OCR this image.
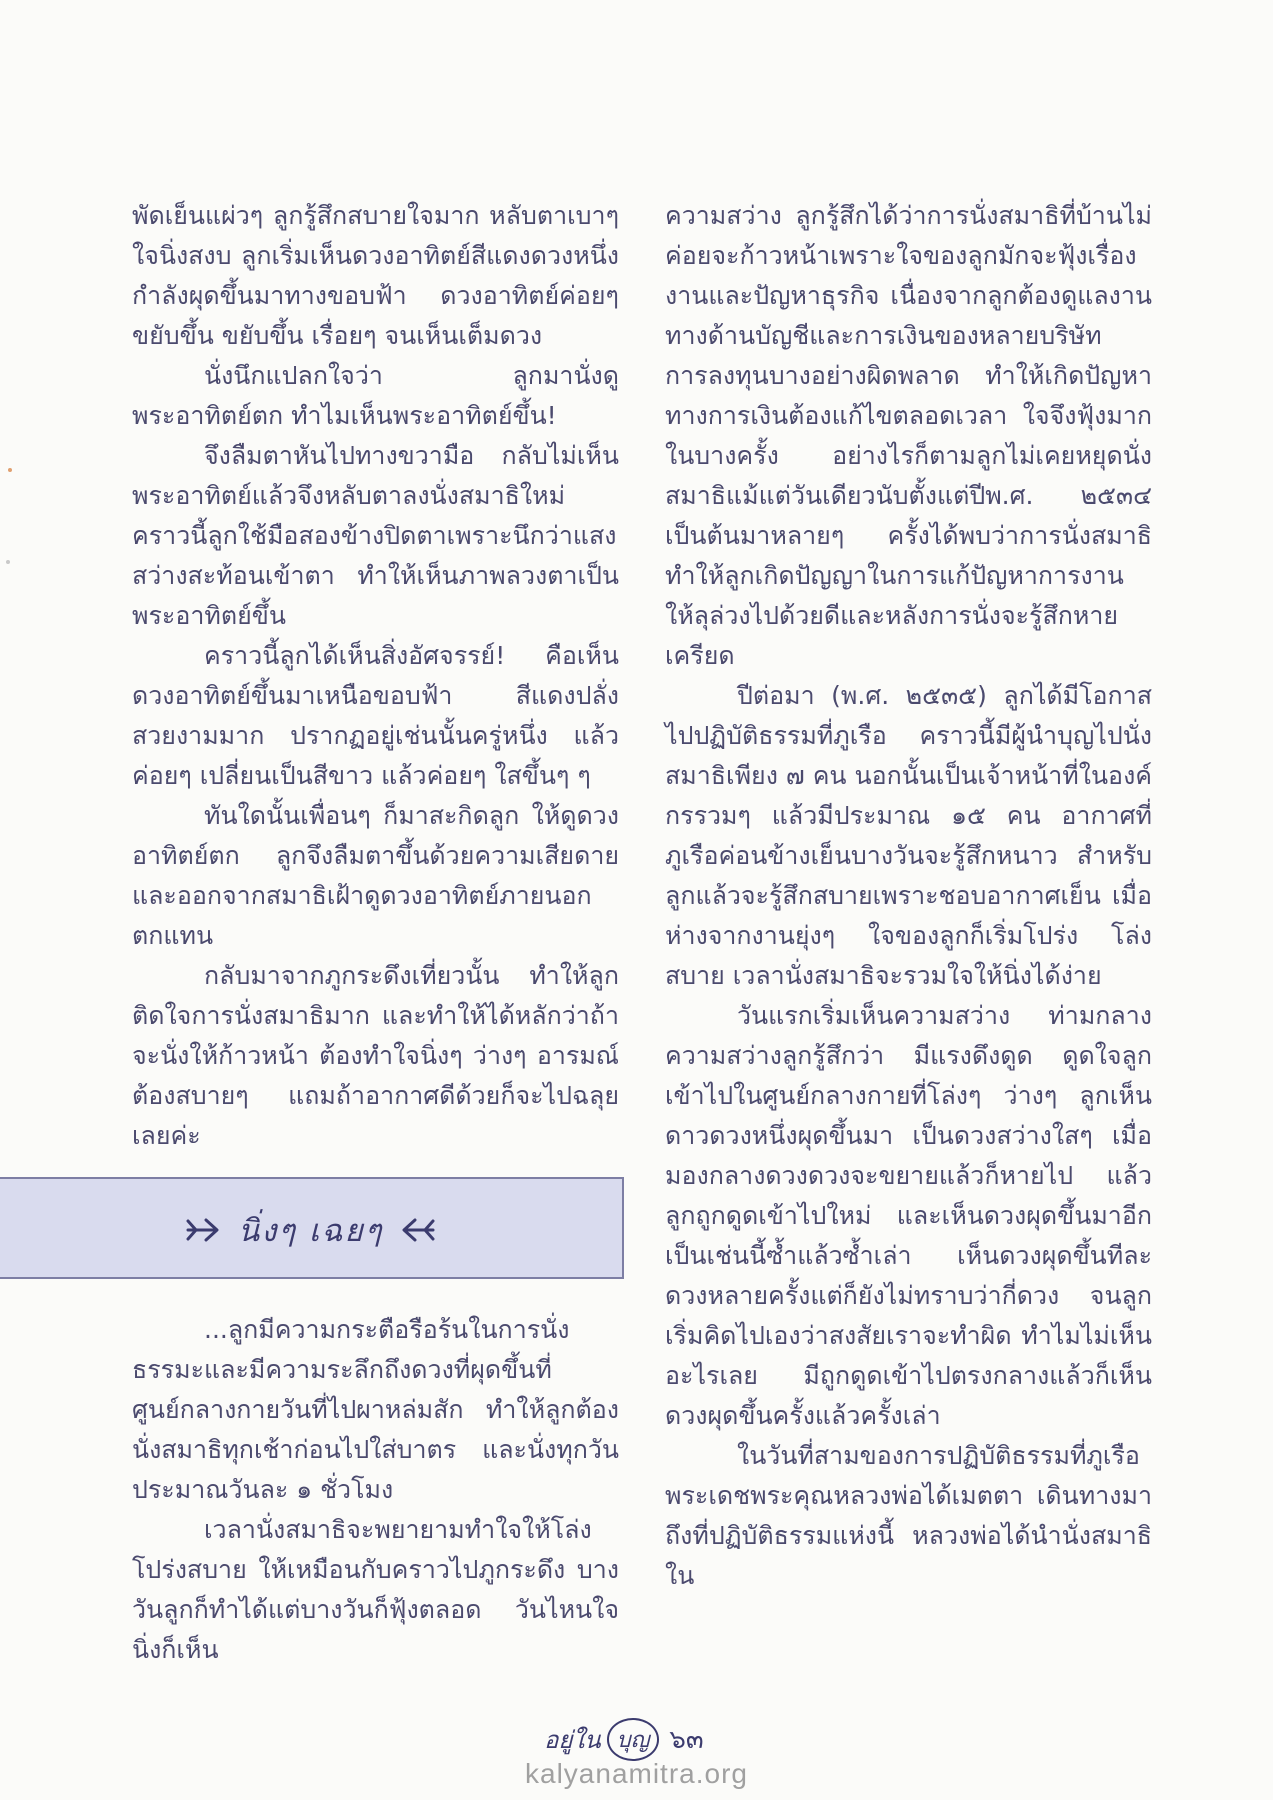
พัดเย็นแผ่วๆ ลูกรู้สึกสบายใจมาก หลับตาเบาๆ ใจนิ่งสงบ ลูกเริ่มเห็นดวงอาทิตย์สีแดงดวงหนึ่งกำลังผุดขึ้นมาทางขอบฟ้า ดวงอาทิตย์ค่อยๆ ขยับขึ้น ขยับขึ้น เรื่อยๆ จนเห็นเต็มดวง

นั่งนึกแปลกใจว่า ลูกมานั่งดู พระอาทิตย์ตก ทำไมเห็นพระอาทิตย์ขึ้น!

จึงลืมตาหันไปทางขวามือ กลับไม่เห็นพระอาทิตย์แล้วจึงหลับตาลงนั่งสมาธิใหม่ คราวนี้ลูกใช้มือสองข้างปิดตาเพราะนึกว่าแสงสว่างสะท้อนเข้าตา ทำให้เห็นภาพลวงตาเป็นพระอาทิตย์ขึ้น

คราวนี้ลูกได้เห็นสิ่งอัศจรรย์! คือเห็นดวงอาทิตย์ขึ้นมาเหนือขอบฟ้า สีแดงปลั่งสวยงามมาก ปรากฏอยู่เช่นนั้นครู่หนึ่ง แล้วค่อยๆ เปลี่ยนเป็นสีขาว แล้วค่อยๆ ใสขึ้นๆ ๆ

ทันใดนั้นเพื่อนๆ ก็มาสะกิดลูก ให้ดูดวงอาทิตย์ตก ลูกจึงลืมตาขึ้นด้วยความเสียดาย และออกจากสมาธิเฝ้าดูดวงอาทิตย์ภายนอกตกแทน

กลับมาจากภูกระดึงเที่ยวนั้น ทำให้ลูกติดใจการนั่งสมาธิมาก และทำให้ได้หลักว่าถ้าจะนั่งให้ก้าวหน้า ต้องทำใจนิ่งๆ ว่างๆ อารมณ์ต้องสบายๆ แถมถ้าอากาศดีด้วยก็จะไปฉลุยเลยค่ะ

นิ่งๆ เฉยๆ

...ลูกมีความกระตือรือร้นในการนั่งธรรมะและมีความระลึกถึงดวงที่ผุดขึ้นที่ศูนย์กลางกายวันที่ไปผาหล่มสัก ทำให้ลูกต้องนั่งสมาธิทุกเช้าก่อนไปใส่บาตร และนั่งทุกวันประมาณวันละ ๑ ชั่วโมง

เวลานั่งสมาธิจะพยายามทำใจให้โล่ง โปร่งสบาย ให้เหมือนกับคราวไปภูกระดึง บางวันลูกก็ทำได้แต่บางวันก็ฟุ้งตลอด วันไหนใจนิ่งก็เห็น

ความสว่าง ลูกรู้สึกได้ว่าการนั่งสมาธิที่บ้านไม่ค่อยจะก้าวหน้าเพราะใจของลูกมักจะฟุ้งเรื่องงานและปัญหาธุรกิจ เนื่องจากลูกต้องดูแลงานทางด้านบัญชีและการเงินของหลายบริษัท การลงทุนบางอย่างผิดพลาด ทำให้เกิดปัญหาทางการเงินต้องแก้ไขตลอดเวลา ใจจึงฟุ้งมากในบางครั้ง อย่างไรก็ตามลูกไม่เคยหยุดนั่งสมาธิแม้แต่วันเดียวนับตั้งแต่ปีพ.ศ. ๒๕๓๔ เป็นต้นมาหลายๆ ครั้งได้พบว่าการนั่งสมาธิทำให้ลูกเกิดปัญญาในการแก้ปัญหาการงานให้ลุล่วงไปด้วยดีและหลังการนั่งจะรู้สึกหายเครียด

ปีต่อมา (พ.ศ. ๒๕๓๕) ลูกได้มีโอกาสไปปฏิบัติธรรมที่ภูเรือ คราวนี้มีผู้นำบุญไปนั่งสมาธิเพียง ๗ คน นอกนั้นเป็นเจ้าหน้าที่ในองค์กรรวมๆ แล้วมีประมาณ ๑๕ คน อากาศที่ภูเรือค่อนข้างเย็นบางวันจะรู้สึกหนาว สำหรับลูกแล้วจะรู้สึกสบายเพราะชอบอากาศเย็น เมื่อห่างจากงานยุ่งๆ ใจของลูกก็เริ่มโปร่ง โล่ง สบาย เวลานั่งสมาธิจะรวมใจให้นิ่งได้ง่าย

วันแรกเริ่มเห็นความสว่าง ท่ามกลางความสว่างลูกรู้สึกว่า มีแรงดึงดูด ดูดใจลูกเข้าไปในศูนย์กลางกายที่โล่งๆ ว่างๆ ลูกเห็นดาวดวงหนึ่งผุดขึ้นมา เป็นดวงสว่างใสๆ เมื่อมองกลางดวงดวงจะขยายแล้วก็หายไป แล้วลูกถูกดูดเข้าไปใหม่ และเห็นดวงผุดขึ้นมาอีก เป็นเช่นนี้ซ้ำแล้วซ้ำเล่า เห็นดวงผุดขึ้นทีละดวงหลายครั้งแต่ก็ยังไม่ทราบว่ากี่ดวง จนลูกเริ่มคิดไปเองว่าสงสัยเราจะทำผิด ทำไมไม่เห็นอะไรเลย มีถูกดูดเข้าไปตรงกลางแล้วก็เห็นดวงผุดขึ้นครั้งแล้วครั้งเล่า

ในวันที่สามของการปฏิบัติธรรมที่ภูเรือพระเดชพระคุณหลวงพ่อได้เมตตา เดินทางมาถึงที่ปฏิบัติธรรมแห่งนี้ หลวงพ่อได้นำนั่งสมาธิใน

อยู่ใน บุญ ๖๓
kalyanamitra.org
